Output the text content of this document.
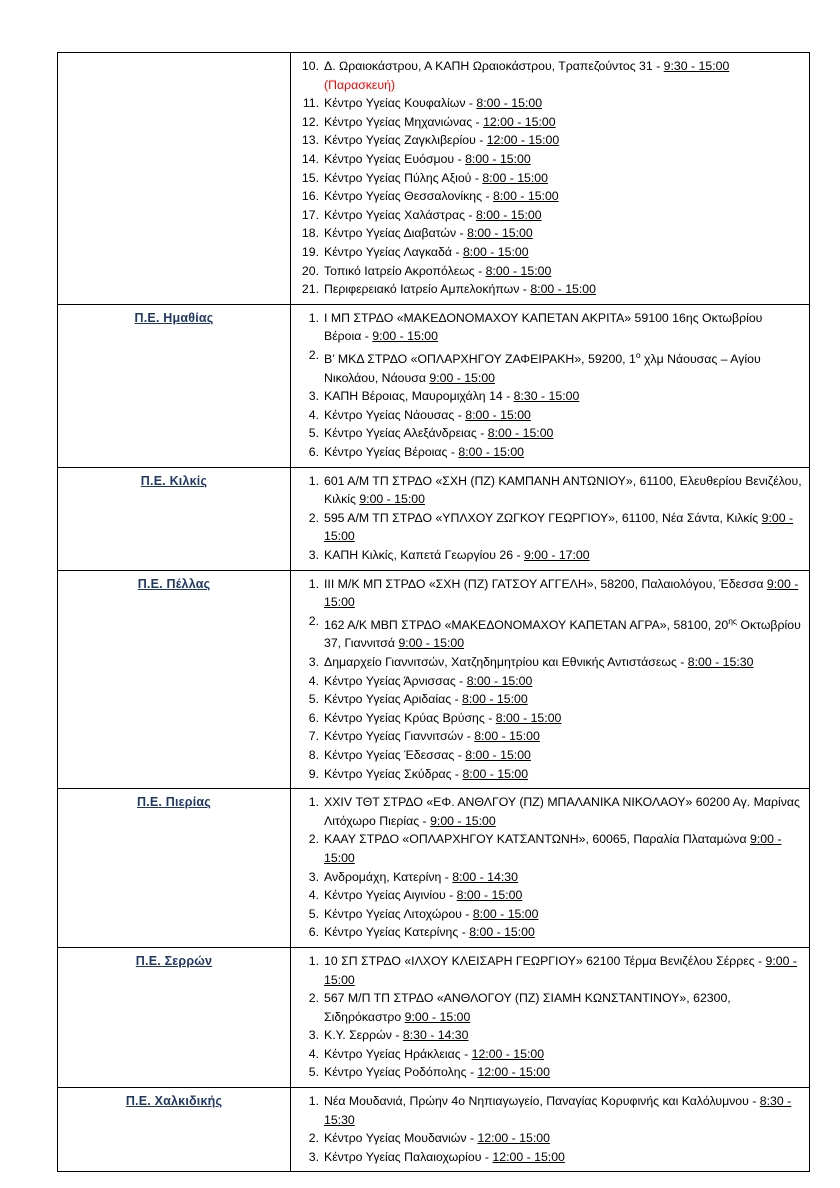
10. Δ. Ωραιοκάστρου, Α ΚΑΠΗ Ωραιοκάστρου, Τραπεζούντος 31 - 9:30 - 15:00 (Παρασκευή)
11. Κέντρο Υγείας Κουφαλίων - 8:00 - 15:00
12. Κέντρο Υγείας Μηχανιώνας - 12:00 - 15:00
13. Κέντρο Υγείας Ζαγκλιβερίου - 12:00 - 15:00
14. Κέντρο Υγείας Ευόσμου - 8:00 - 15:00
15. Κέντρο Υγείας Πύλης Αξιού - 8:00 - 15:00
16. Κέντρο Υγείας Θεσσαλονίκης - 8:00 - 15:00
17. Κέντρο Υγείας Χαλάστρας - 8:00 - 15:00
18. Κέντρο Υγείας Διαβατών - 8:00 - 15:00
19. Κέντρο Υγείας Λαγκαδά - 8:00 - 15:00
20. Τοπικό Ιατρείο Ακροπόλεως - 8:00 - 15:00
21. Περιφερειακό Ιατρείο Αμπελοκήπων - 8:00 - 15:00

Π.Ε. Ημαθίας	1. Ι ΜΠ ΣΤΡΔΟ «ΜΑΚΕΔΟΝΟΜΑΧΟΥ ΚΑΠΕΤΑΝ ΑΚΡΙΤΑ» 59100 16ης Οκτωβρίου Βέροια - 9:00 - 15:00
2. Β’ ΜΚΔ ΣΤΡΔΟ «ΟΠΛΑΡΧΗΓΟΥ ΖΑΦΕΙΡΑΚΗ», 59200, $1^o$ χλμ Νάουσας – Αγίου Νικολάου, Νάουσα 9:00 - 15:00
3. ΚΑΠΗ Βέροιας, Μαυρομιχάλη 14 - 8:30 - 15:00
4. Κέντρο Υγείας Νάουσας - 8:00 - 15:00
5. Κέντρο Υγείας Αλεξάνδρειας - 8:00 - 15:00
6. Κέντρο Υγείας Βέροιας - 8:00 - 15:00

Π.Ε. Κιλκίς	1. 601 Α/Μ ΤΠ ΣΤΡΔΟ «ΣΧΗ (ΠΖ) ΚΑΜΠΑΝΗ ΑΝΤΩΝΙΟΥ», 61100, Ελευθερίου Βενιζέλου, Κιλκίς 9:00 - 15:00
2. 595 Α/Μ ΤΠ ΣΤΡΔΟ «ΥΠΛΧΟΥ ΖΩΓΚΟΥ ΓΕΩΡΓΙΟΥ», 61100, Νέα Σάντα, Κιλκίς 9:00 - 15:00
3. ΚΑΠΗ Κιλκίς, Καπετά Γεωργίου 26 - 9:00 - 17:00

Π.Ε. Πέλλας	1. ΙΙΙ Μ/Κ ΜΠ ΣΤΡΔΟ «ΣΧΗ (ΠΖ) ΓΑΤΣΟΥ ΑΓΓΕΛΗ», 58200, Παλαιολόγου, Έδεσσα 9:00 - 15:00
2. 162 Α/Κ ΜΒΠ ΣΤΡΔΟ «ΜΑΚΕΔΟΝΟΜΑΧΟΥ ΚΑΠΕΤΑΝ ΑΓΡΑ», 58100, $20^{\eta\varsigma}$ Οκτωβρίου 37, Γιαννιτσά 9:00 - 15:00
3. Δημαρχείο Γιαννιτσών, Χατζηδημητρίου και Εθνικής Αντιστάσεως - 8:00 - 15:30
4. Κέντρο Υγείας Άρνισσας - 8:00 - 15:00
5. Κέντρο Υγείας Αριδαίας - 8:00 - 15:00
6. Κέντρο Υγείας Κρύας Βρύσης - 8:00 - 15:00
7. Κέντρο Υγείας Γιαννιτσών - 8:00 - 15:00
8. Κέντρο Υγείας Έδεσσας - 8:00 - 15:00
9. Κέντρο Υγείας Σκύδρας - 8:00 - 15:00

Π.Ε. Πιερίας	1. ΧΧΙV ΤΘΤ ΣΤΡΔΟ «ΕΦ. ΑΝΘΛΓΟΥ (ΠΖ) ΜΠΑΛΑΝΙΚΑ ΝΙΚΟΛΑΟΥ» 60200 Αγ. Μαρίνας Λιτόχωρο Πιερίας - 9:00 - 15:00
2. ΚΑΑΥ ΣΤΡΔΟ «ΟΠΛΑΡΧΗΓΟΥ ΚΑΤΣΑΝΤΩΝΗ», 60065, Παραλία Πλαταμώνα 9:00 - 15:00
3. Ανδρομάχη, Κατερίνη - 8:00 - 14:30
4. Κέντρο Υγείας Αιγινίου - 8:00 - 15:00
5. Κέντρο Υγείας Λιτοχώρου - 8:00 - 15:00
6. Κέντρο Υγείας Κατερίνης - 8:00 - 15:00

Π.Ε. Σερρών	1. 10 ΣΠ ΣΤΡΔΟ «ΙΛΧΟΥ ΚΛΕΙΣΑΡΗ ΓΕΩΡΓΙΟΥ» 62100 Τέρμα Βενιζέλου Σέρρες - 9:00 - 15:00
2. 567 Μ/Π ΤΠ ΣΤΡΔΟ «ΑΝΘΛΟΓΟΥ (ΠΖ) ΣΙΑΜΗ ΚΩΝΣΤΑΝΤΙΝΟΥ», 62300, Σιδηρόκαστρο 9:00 - 15:00
3. Κ.Υ. Σερρών - 8:30 - 14:30
4. Κέντρο Υγείας Ηράκλειας - 12:00 - 15:00
5. Κέντρο Υγείας Ροδόπολης - 12:00 - 15:00

Π.Ε. Χαλκιδικής	1. Νέα Μουδανιά, Πρώην 4ο Νηπιαγωγείο, Παναγίας Κορυφινής και Καλόλυμνου - 8:30 - 15:30
2. Κέντρο Υγείας Μουδανιών - 12:00 - 15:00
3. Κέντρο Υγείας Παλαιοχωρίου - 12:00 - 15:00
